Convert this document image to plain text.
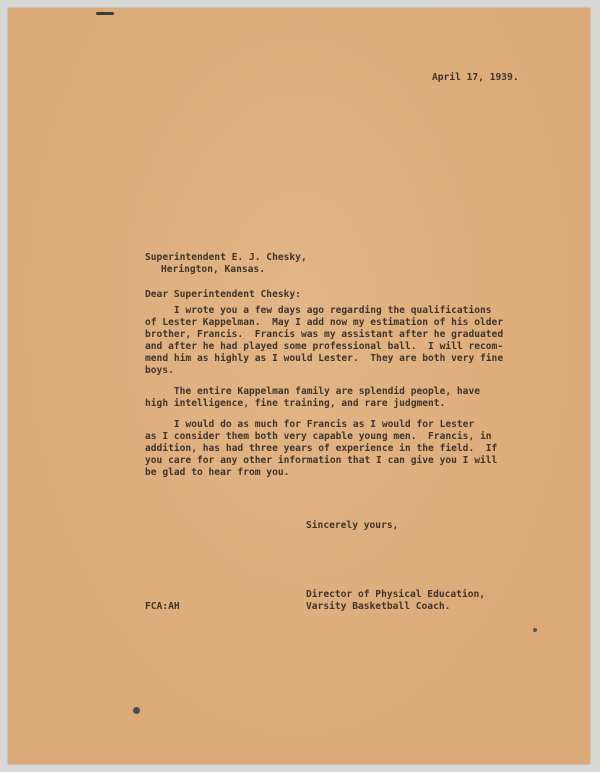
April 17, 1939.
Superintendent E. J. Chesky,
Herington, Kansas.
Dear Superintendent Chesky:
I wrote you a few days ago regarding the qualifications
of Lester Kappelman.  May I add now my estimation of his older
brother, Francis.  Francis was my assistant after he graduated
and after he had played some professional ball.  I will recom-
mend him as highly as I would Lester.  They are both very fine
boys.
The entire Kappelman family are splendid people, have
high intelligence, fine training, and rare judgment.
I would do as much for Francis as I would for Lester
as I consider them both very capable young men.  Francis, in
addition, has had three years of experience in the field.  If
you care for any other information that I can give you I will
be glad to hear from you.
Sincerely yours,
Director of Physical Education,
Varsity Basketball Coach.
FCA:AH
